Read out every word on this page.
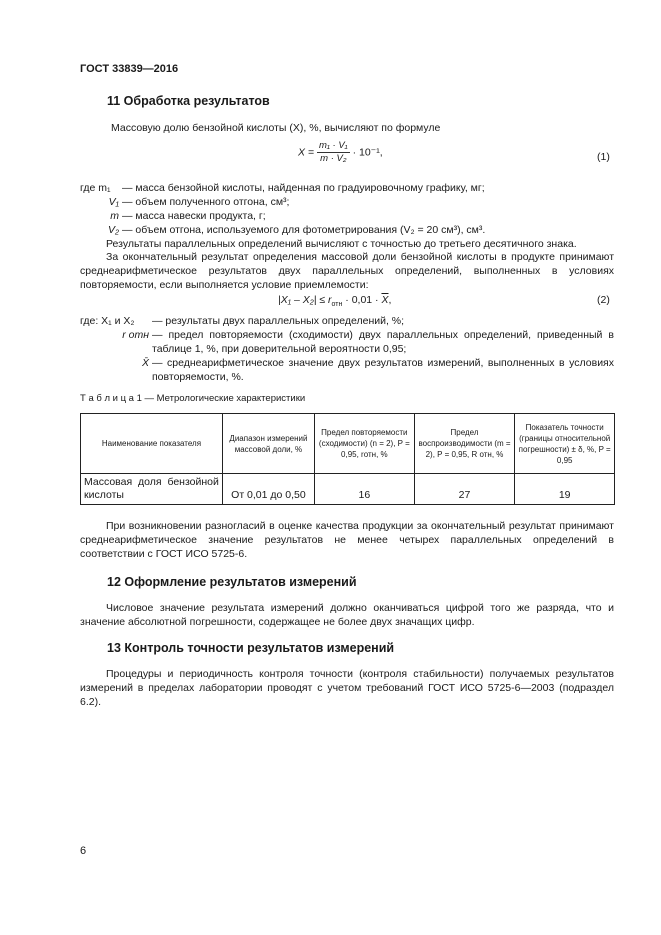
ГОСТ 33839—2016
11 Обработка результатов
Массовую долю бензойной кислоты (X), %, вычисляют по формуле
$X = \frac{\text{m₁ · V₁}}{\text{m · V₂}} \cdot 10^{-1}$,	(1)
где m₁	— масса бензойной кислоты, найденная по градуировочному графику, мг;
V₁ — объем полученного отгона, см³;
m — масса навески продукта, г;
V₂ — объем отгона, используемого для фотометрирования (V₂ = 20 см³), см³.
Результаты параллельных определений вычисляют с точностью до третьего десятичного знака.
За окончательный результат определения массовой доли бензойной кислоты в продукте принимают среднеарифметическое результатов двух параллельных определений, выполненных в условиях повторяемости, если выполняется условие приемлемости:
$|X_1 - X_2| \le r_{отн} \cdot 0,01 \cdot \overline{X}$,	(2)
где: X₁ и X₂	— результаты двух параллельных определений, %;
r отн — предел повторяемости (сходимости) двух параллельных определений, приведенный в таблице 1, %, при доверительной вероятности 0,95;
X̄ — среднеарифметическое значение двух результатов измерений, выполненных в условиях повторяемости, %.
Т а б л и ц а 1 — Метрологические характеристики
Наименование показателя	Диапазон измерений массовой доли, %	Предел повторяемости (сходимости) (n = 2), P = 0,95, rотн, %	Предел воспроизводимости (m = 2), P = 0,95, R отн, %	Показатель точности (границы относительной погрешности) ± δ, %, P = 0,95
Массовая доля бензойной кислоты	От 0,01 до 0,50	16	27	19
При возникновении разногласий в оценке качества продукции за окончательный результат принимают среднеарифметическое значение результатов не менее четырех параллельных определений в соответствии с ГОСТ ИСО 5725-6.
12 Оформление результатов измерений
Числовое значение результата измерений должно оканчиваться цифрой того же разряда, что и значение абсолютной погрешности, содержащее не более двух значащих цифр.
13 Контроль точности результатов измерений
Процедуры и периодичность контроля точности (контроля стабильности) получаемых результатов измерений в пределах лаборатории проводят с учетом требований ГОСТ ИСО 5725-6—2003 (подраздел 6.2).
6
